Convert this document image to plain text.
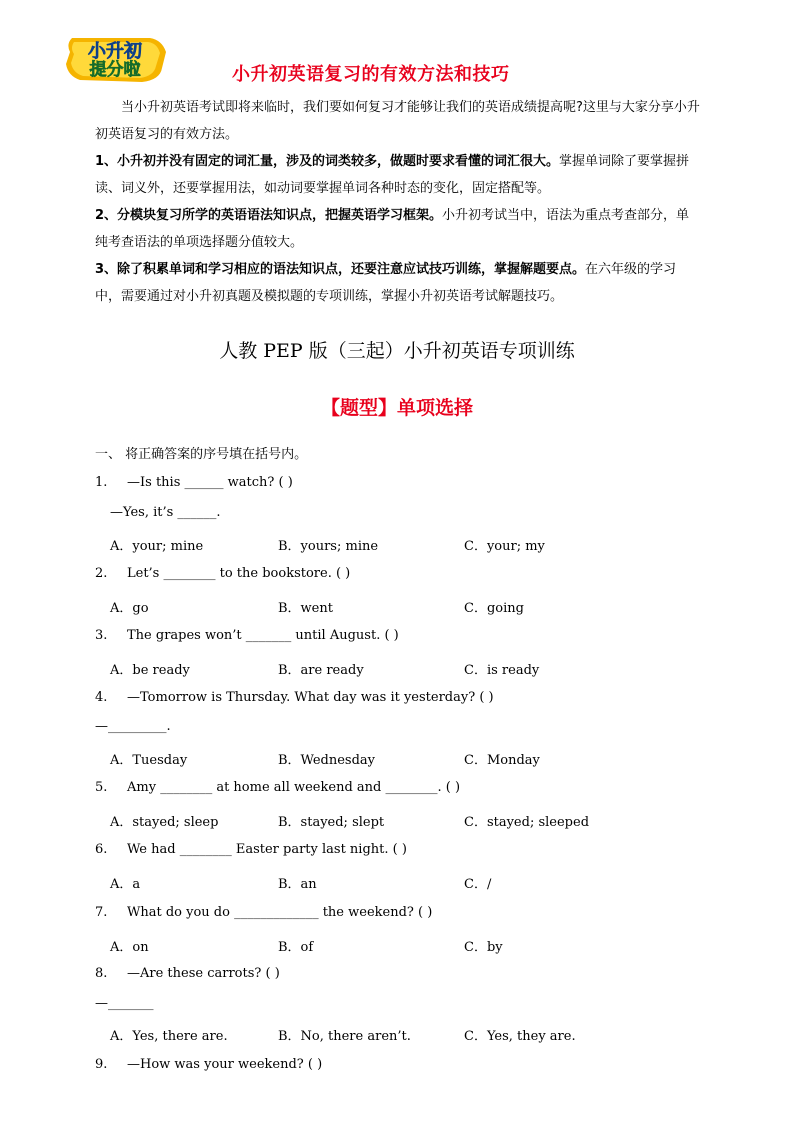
小升初
提分啦	小升初英语复习的有效方法和技巧
当小升初英语考试即将来临时，我们要如何复习才能够让我们的英语成绩提高呢?这里与大家分享小升初英语复习的有效方法。
1、小升初并没有固定的词汇量，涉及的词类较多，做题时要求看懂的词汇很大。掌握单词除了要掌握拼读、词义外，还要掌握用法，如动词要掌握单词各种时态的变化，固定搭配等。
2、分模块复习所学的英语语法知识点，把握英语学习框架。小升初考试当中，语法为重点考查部分，单纯考查语法的单项选择题分值较大。
3、除了积累单词和学习相应的语法知识点，还要注意应试技巧训练，掌握解题要点。在六年级的学习中，需要通过对小升初真题及模拟题的专项训练，掌握小升初英语考试解题技巧。
人教 PEP 版（三起）小升初英语专项训练
【题型】单项选择
一、 将正确答案的序号填在括号内。
1. —Is this ______ watch? ( )
—Yes, it’s ______.
A．your; mine	B．yours; mine	C．your; my
2. Let’s ________ to the bookstore. ( )
A．go	B．went	C．going
3. The grapes won’t _______ until August. ( )
A．be ready	B．are ready	C．is ready
4. —Tomorrow is Thursday. What day was it yesterday? ( )
—_________.
A．Tuesday	B．Wednesday	C．Monday
5. Amy ________ at home all weekend and ________. ( )
A．stayed; sleep	B．stayed; slept	C．stayed; sleeped
6. We had ________ Easter party last night. ( )
A．a	B．an	C．/
7. What do you do _____________ the weekend? ( )
A．on	B．of	C．by
8. —Are these carrots? ( )
—_______
A．Yes, there are.	B．No, there aren’t.	C．Yes, they are.
9. —How was your weekend? ( )
